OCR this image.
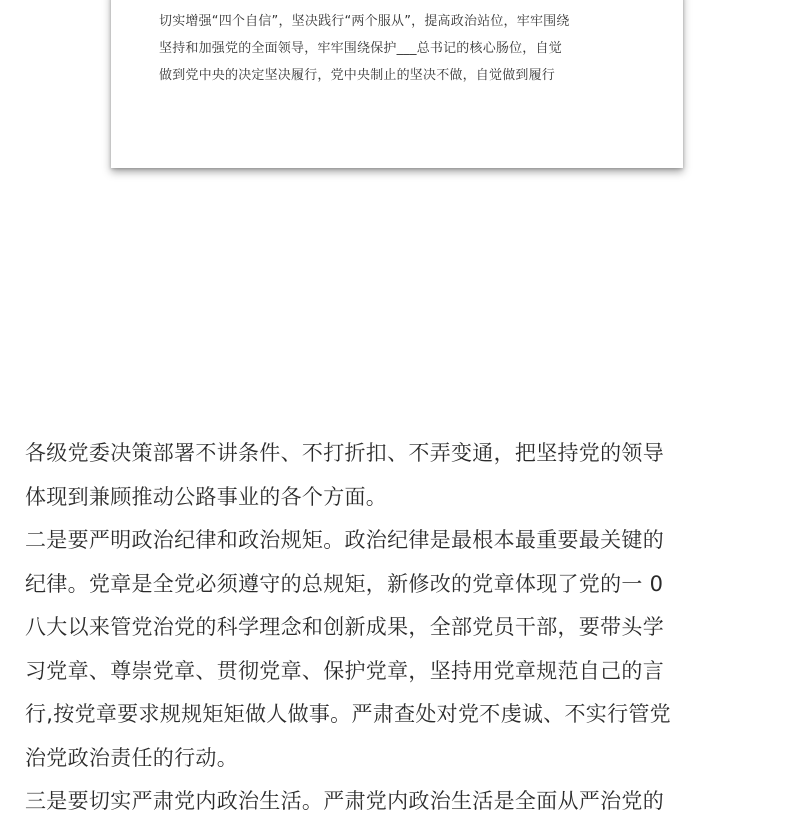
切实增强“四个自信”，坚决践行“两个服从”，提高政治站位，牢牢围绕
坚持和加强党的全面领导，牢牢围绕保护___总书记的核心肠位，自觉
做到党中央的决定坚决履行，党中央制止的坚决不做，自觉做到履行

各级党委决策部署不讲条件、不打折扣、不弄变通，把坚持党的领导
体现到兼顾推动公路事业的各个方面。
二是要严明政治纪律和政治规矩。政治纪律是最根本最重要最关键的
纪律。党章是全党必须遵守的总规矩，新修改的党章体现了党的一 0
八大以来管党治党的科学理念和创新成果，全部党员干部，要带头学
习党章、尊崇党章、贯彻党章、保护党章，坚持用党章规范自己的言
行,按党章要求规规矩矩做人做事。严肃查处对党不虔诚、不实行管党
治党政治责任的行动。
三是要切实严肃党内政治生活。严肃党内政治生活是全面从严治党的
